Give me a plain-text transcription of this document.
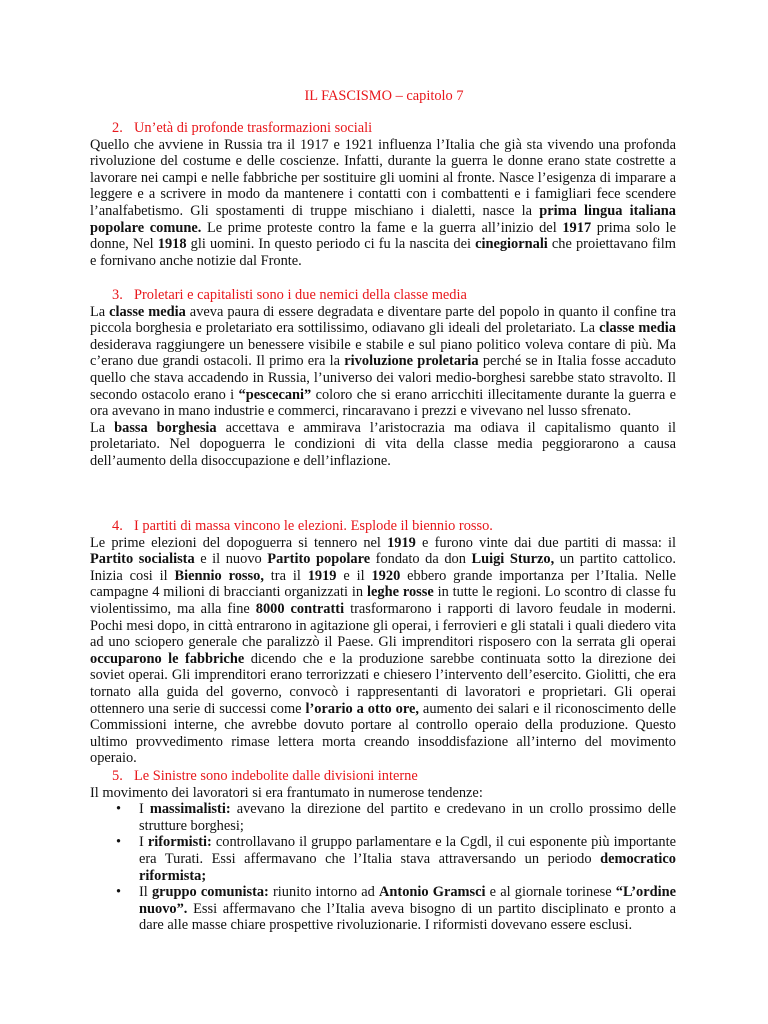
IL FASCISMO – capitolo 7
2. Un’età di profonde trasformazioni sociali

Quello che avviene in Russia tra il 1917 e 1921 influenza l’Italia che già sta vivendo una profonda rivoluzione del costume e delle coscienze. Infatti, durante la guerra le donne erano state costrette a lavorare nei campi e nelle fabbriche per sostituire gli uomini al fronte. Nasce l’esigenza di imparare a leggere e a scrivere in modo da mantenere i contatti con i combattenti e i famigliari fece scendere l’analfabetismo. Gli spostamenti di truppe mischiano i dialetti, nasce la prima lingua italiana popolare comune. Le prime proteste contro la fame e la guerra all’inizio del 1917 prima solo le donne, Nel 1918 gli uomini. In questo periodo ci fu la nascita dei cinegiornali che proiettavano film e fornivano anche notizie dal Fronte.

3. Proletari e capitalisti sono i due nemici della classe media

La classe media aveva paura di essere degradata e diventare parte del popolo in quanto il confine tra piccola borghesia e proletariato era sottilissimo, odiavano gli ideali del proletariato. La classe media desiderava raggiungere un benessere visibile e stabile e sul piano politico voleva contare di più. Ma c’erano due grandi ostacoli. Il primo era la rivoluzione proletaria perché se in Italia fosse accaduto quello che stava accadendo in Russia, l’universo dei valori medio-borghesi sarebbe stato stravolto. Il secondo ostacolo erano i “pescecani” coloro che si erano arricchiti illecitamente durante la guerra e ora avevano in mano industrie e commerci, rincaravano i prezzi e vivevano nel lusso sfrenato.

La bassa borghesia accettava e ammirava l’aristocrazia ma odiava il capitalismo quanto il proletariato. Nel dopoguerra le condizioni di vita della classe media peggiorarono a causa dell’aumento della disoccupazione e dell’inflazione.

4. I partiti di massa vincono le elezioni. Esplode il biennio rosso.

Le prime elezioni del dopoguerra si tennero nel 1919 e furono vinte dai due partiti di massa: il Partito socialista e il nuovo Partito popolare fondato da don Luigi Sturzo, un partito cattolico. Inizia cosi il Biennio rosso, tra il 1919 e il 1920 ebbero grande importanza per l’Italia. Nelle campagne 4 milioni di braccianti organizzati in leghe rosse in tutte le regioni. Lo scontro di classe fu violentissimo, ma alla fine 8000 contratti trasformarono i rapporti di lavoro feudale in moderni. Pochi mesi dopo, in città entrarono in agitazione gli operai, i ferrovieri e gli statali i quali diedero vita ad uno sciopero generale che paralizzò il Paese. Gli imprenditori risposero con la serrata gli operai occuparono le fabbriche dicendo che e la produzione sarebbe continuata sotto la direzione dei soviet operai. Gli imprenditori erano terrorizzati e chiesero l’intervento dell’esercito. Giolitti, che era tornato alla guida del governo, convocò i rappresentanti di lavoratori e proprietari. Gli operai ottennero una serie di successi come l’orario a otto ore, aumento dei salari e il riconoscimento delle Commissioni interne, che avrebbe dovuto portare al controllo operaio della produzione. Questo ultimo provvedimento rimase lettera morta creando insoddisfazione all’interno del movimento operaio.

5. Le Sinistre sono indebolite dalle divisioni interne

Il movimento dei lavoratori si era frantumato in numerose tendenze:

• I massimalisti: avevano la direzione del partito e credevano in un crollo prossimo delle strutture borghesi;
• I riformisti: controllavano il gruppo parlamentare e la Cgdl, il cui esponente più importante era Turati. Essi affermavano che l’Italia stava attraversando un periodo democratico riformista;
• Il gruppo comunista: riunito intorno ad Antonio Gramsci e al giornale torinese “L’ordine nuovo”. Essi affermavano che l’Italia aveva bisogno di un partito disciplinato e pronto a dare alle masse chiare prospettive rivoluzionarie. I riformisti dovevano essere esclusi.
